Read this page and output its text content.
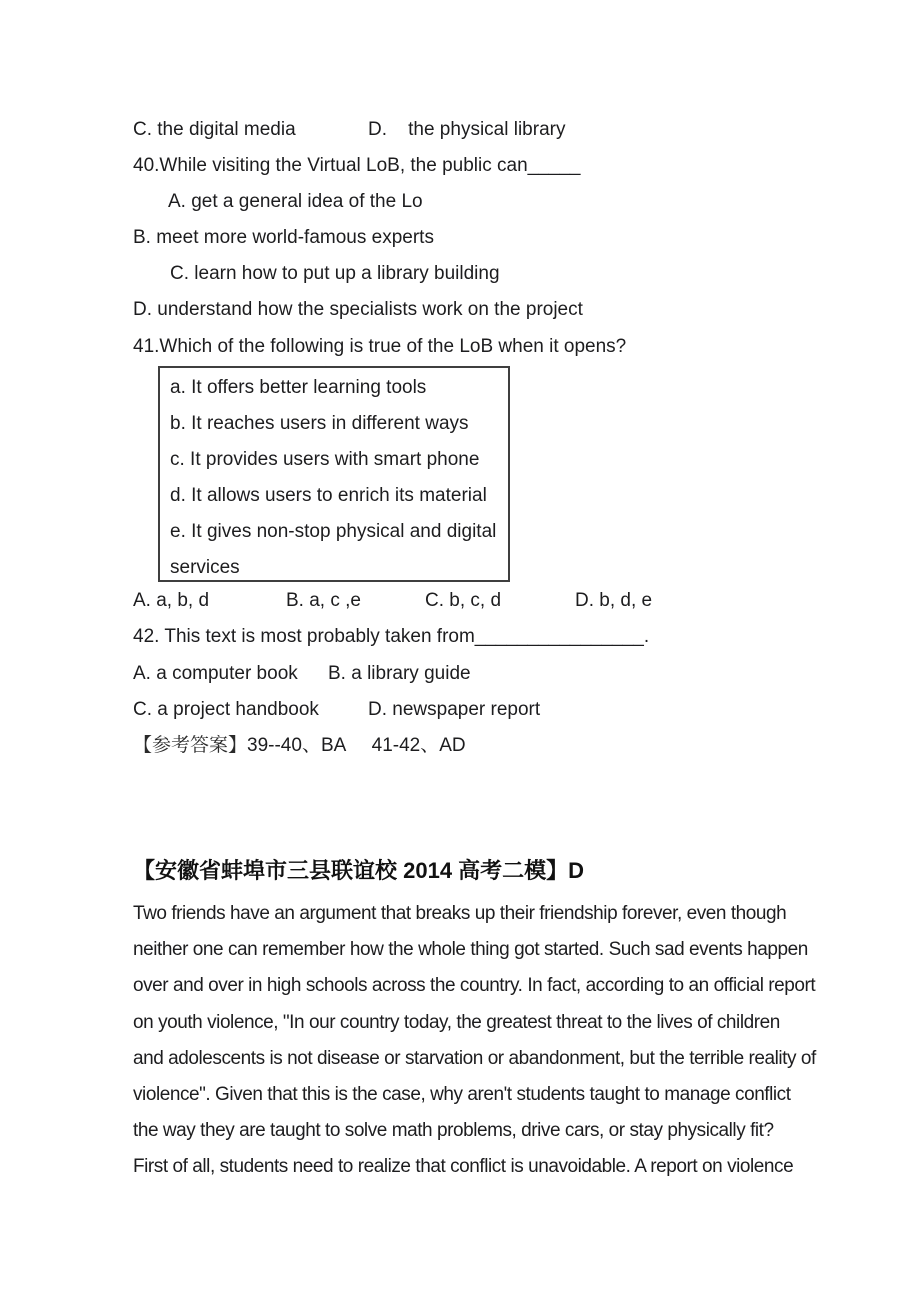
C. the digital media	D.    the physical library
40.While visiting the Virtual LoB, the public can_____
A. get a general idea of the Lo
B. meet more world-famous experts
C. learn how to put up a library building
D. understand how the specialists work on the project
41.Which of the following is true of the LoB when it opens?
a. It offers better learning tools
b. It reaches users in different ways
c. It provides users with smart phone
d. It allows users to enrich its material
e. It gives non-stop physical and digital
services
A. a, b, d	B. a, c ,e	C. b, c, d	D. b, d, e
42. This text is most probably taken from________________.
A. a computer book B. a library guide
C. a project handbook	D. newspaper report
【参考答案】39--40、BA     41-42、AD
【安徽省蚌埠市三县联谊校 2014 高考二模】D
Two friends have an argument that breaks up their friendship forever, even though
neither one can remember how the whole thing got started. Such sad events happen
over and over in high schools across the country. In fact, according to an official report
on youth violence, "In our country today, the greatest threat to the lives of children
and adolescents is not disease or starvation or abandonment, but the terrible reality of
violence". Given that this is the case, why aren't students taught to manage conflict
the way they are taught to solve math problems, drive cars, or stay physically fit?
First of all, students need to realize that conflict is unavoidable. A report on violence
